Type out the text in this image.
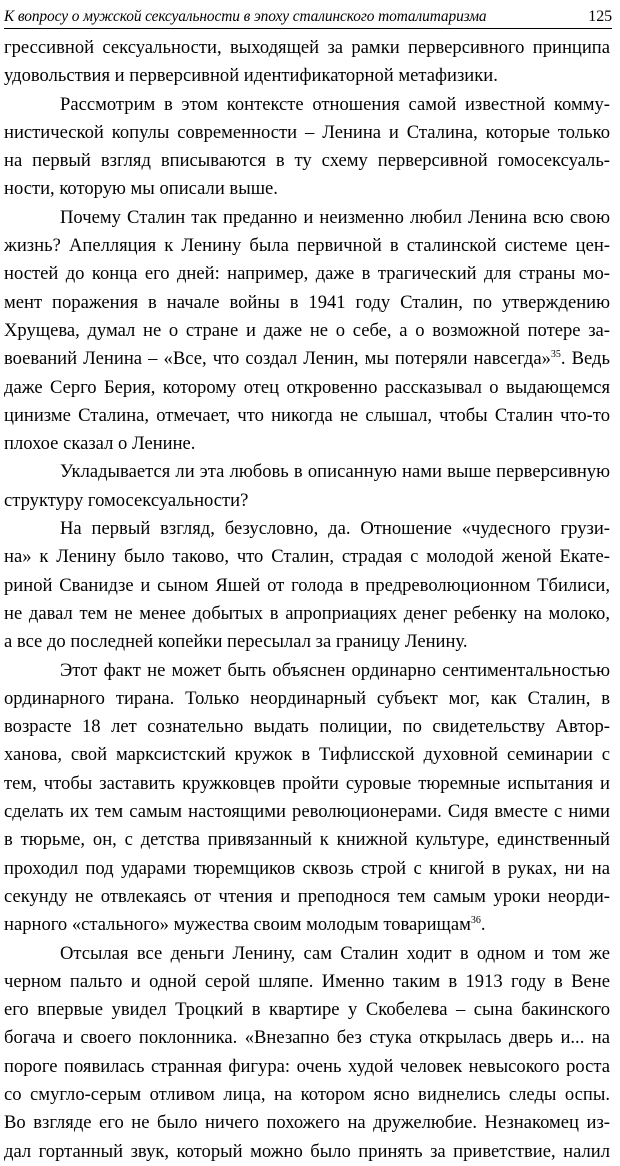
К вопросу о мужской сексуальности в эпоху сталинского тоталитаризма	125

грессивной сексуальности, выходящей за рамки перверсивного принципа
удовольствия и перверсивной идентификаторной метафизики.
Рассмотрим в этом контексте отношения самой известной комму-
нистической копулы современности – Ленина и Сталина, которые только
на первый взгляд вписываются в ту схему перверсивной гомосексуаль-
ности, которую мы описали выше.
Почему Сталин так преданно и неизменно любил Ленина всю свою
жизнь? Апелляция к Ленину была первичной в сталинской системе цен-
ностей до конца его дней: например, даже в трагический для страны мо-
мент поражения в начале войны в 1941 году Сталин, по утверждению
Хрущева, думал не о стране и даже не о себе, а о возможной потере за-
воеваний Ленина – «Все, что создал Ленин, мы потеряли навсегда»$^{35}$. Ведь
даже Серго Берия, которому отец откровенно рассказывал о выдающемся
цинизме Сталина, отмечает, что никогда не слышал, чтобы Сталин что-то
плохое сказал о Ленине.
Укладывается ли эта любовь в описанную нами выше перверсивную
структуру гомосексуальности?
На первый взгляд, безусловно, да. Отношение «чудесного грузи-
на» к Ленину было таково, что Сталин, страдая с молодой женой Екате-
риной Сванидзе и сыном Яшей от голода в предреволюционном Тбилиси,
не давал тем не менее добытых в апроприациях денег ребенку на молоко,
а все до последней копейки пересылал за границу Ленину.
Этот факт не может быть объяснен ординарно сентиментальностью
ординарного тирана. Только неординарный субъект мог, как Сталин, в
возрасте 18 лет сознательно выдать полиции, по свидетельству Автор-
ханова, свой марксистский кружок в Тифлисской духовной семинарии с
тем, чтобы заставить кружковцев пройти суровые тюремные испытания и
сделать их тем самым настоящими революционерами. Сидя вместе с ними
в тюрьме, он, с детства привязанный к книжной культуре, единственный
проходил под ударами тюремщиков сквозь строй с книгой в руках, ни на
секунду не отвлекаясь от чтения и преподнося тем самым уроки неорди-
нарного «стального» мужества своим молодым товарищам$^{36}$.
Отсылая все деньги Ленину, сам Сталин ходит в одном и том же
черном пальто и одной серой шляпе. Именно таким в 1913 году в Вене
его впервые увидел Троцкий в квартире у Скобелева – сына бакинского
богача и своего поклонника. «Внезапно без стука открылась дверь и... на
пороге появилась странная фигура: очень худой человек невысокого роста
со смугло-серым отливом лица, на котором ясно виднелись следы оспы.
Во взгляде его не было ничего похожего на дружелюбие. Незнакомец из-
дал гортанный звук, который можно было принять за приветствие, налил
